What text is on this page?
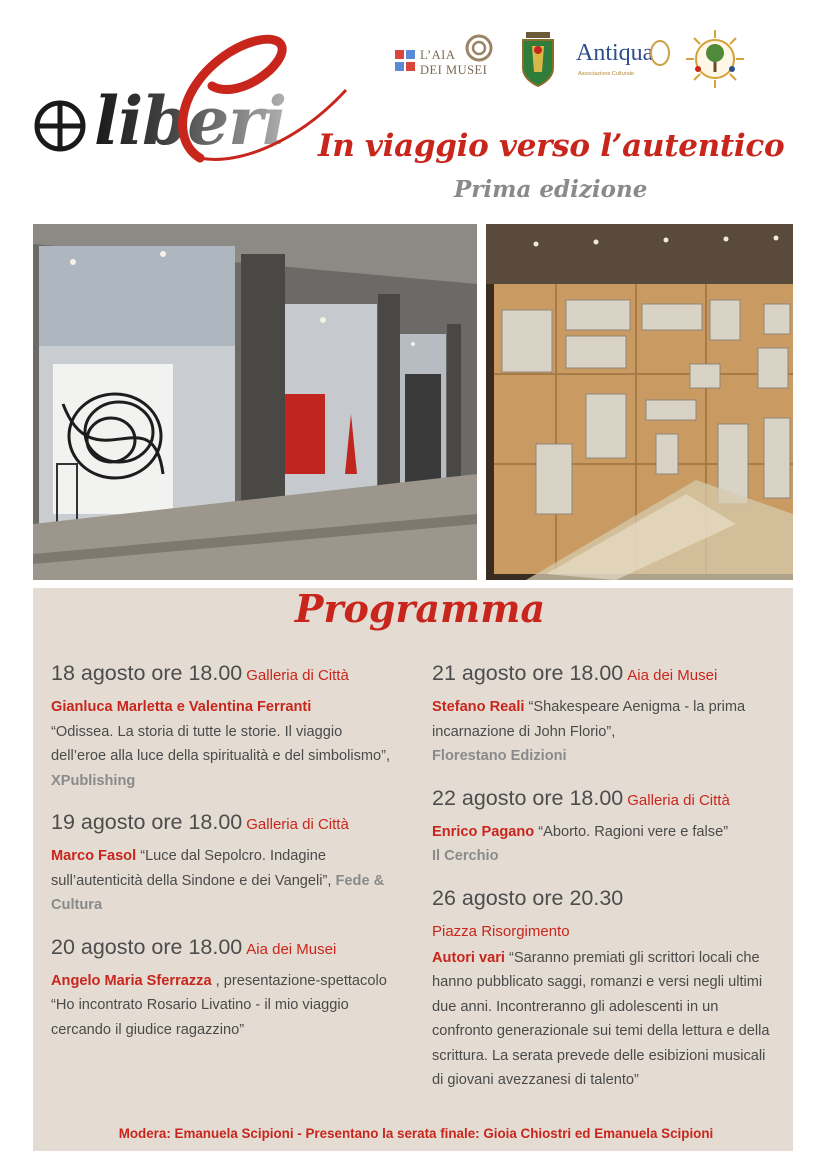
liberi
L’AIA
DEI MUSEI
Antiqua
Associazione Culturale
In viaggio verso l’autentico
Prima edizione
Programma
18 agosto ore 18.00 Galleria di Città
Gianluca Marletta e Valentina Ferranti
“Odissea. La storia di tutte le storie. Il viaggio dell’eroe alla luce della spiritualità e del simbolismo”, XPublishing
19 agosto ore 18.00 Galleria di Città
Marco Fasol “Luce dal Sepolcro. Indagine sull’autenticità della Sindone e dei Vangeli”, Fede & Cultura
20 agosto ore 18.00 Aia dei Musei
Angelo Maria Sferrazza , presentazione-spettacolo “Ho incontrato Rosario Livatino - il mio viaggio cercando il giudice ragazzino”
21 agosto ore 18.00 Aia dei Musei
Stefano Reali “Shakespeare Aenigma - la prima incarnazione di John Florio”,
Florestano Edizioni
22 agosto ore 18.00 Galleria di Città
Enrico Pagano “Aborto. Ragioni vere e false”
Il Cerchio
26 agosto ore 20.30
Piazza Risorgimento
Autori vari “Saranno premiati gli scrittori locali che hanno pubblicato saggi, romanzi e versi negli ultimi due anni. Incontreranno gli adolescenti in un confronto generazionale sui temi della lettura e della scrittura. La serata prevede delle esibizioni musicali di giovani avezzanesi di talento”
Modera: Emanuela Scipioni - Presentano la serata finale: Gioia Chiostri ed Emanuela Scipioni
